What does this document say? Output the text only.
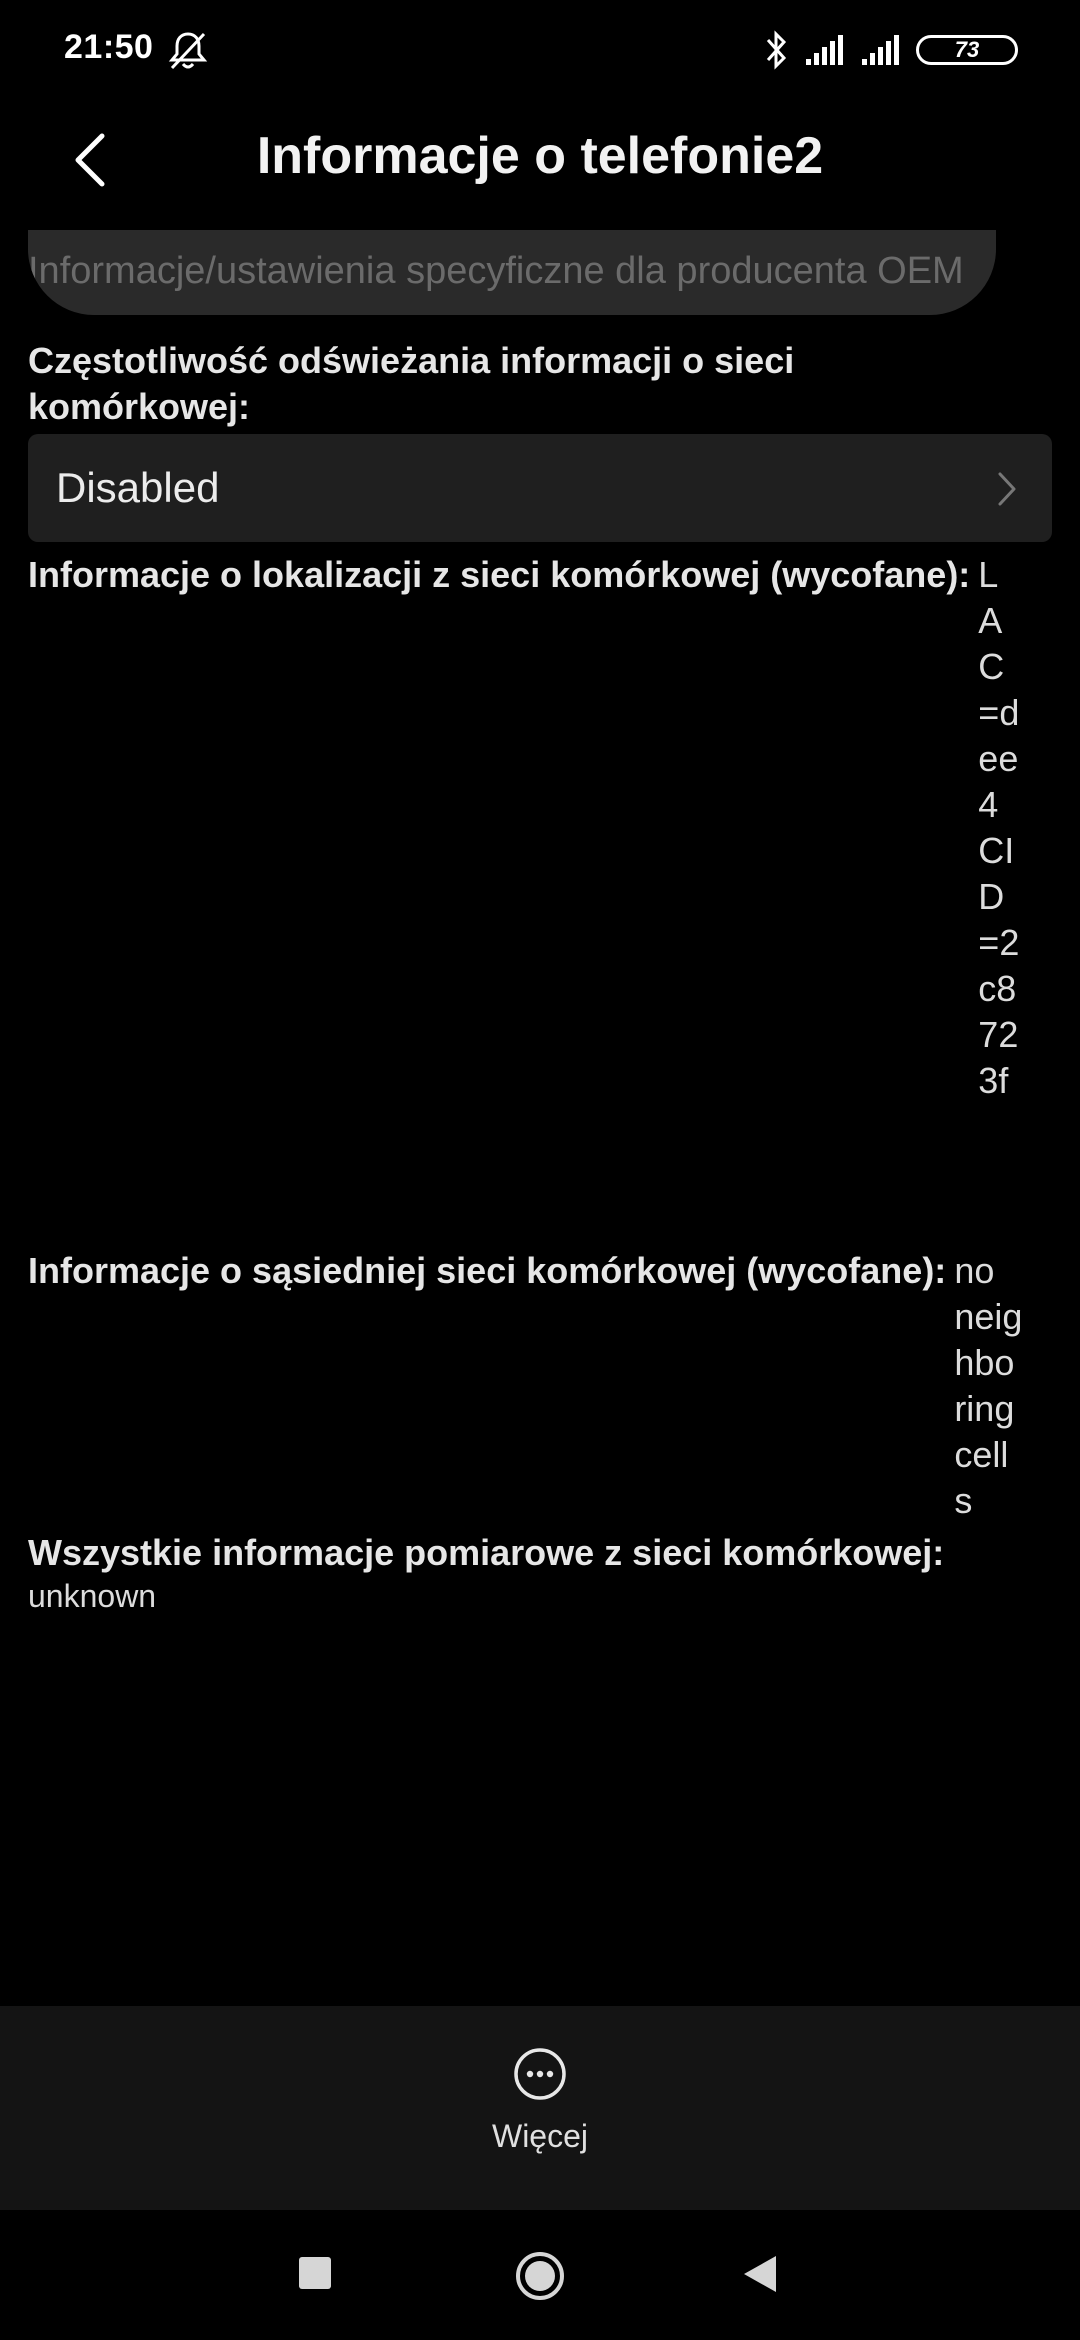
21:50	73
Informacje o telefonie2
Informacje/ustawienia specyficzne dla producenta OEM
Częstotliwość odświeżania informacji o sieci komórkowej:
Disabled
Informacje o lokalizacji z sieci komórkowej (wycofane): LAC=dee4CID=2c8723f
Informacje o sąsiedniej sieci komórkowej (wycofane): no neighboring cells
Wszystkie informacje pomiarowe z sieci komórkowej:
unknown
Więcej
